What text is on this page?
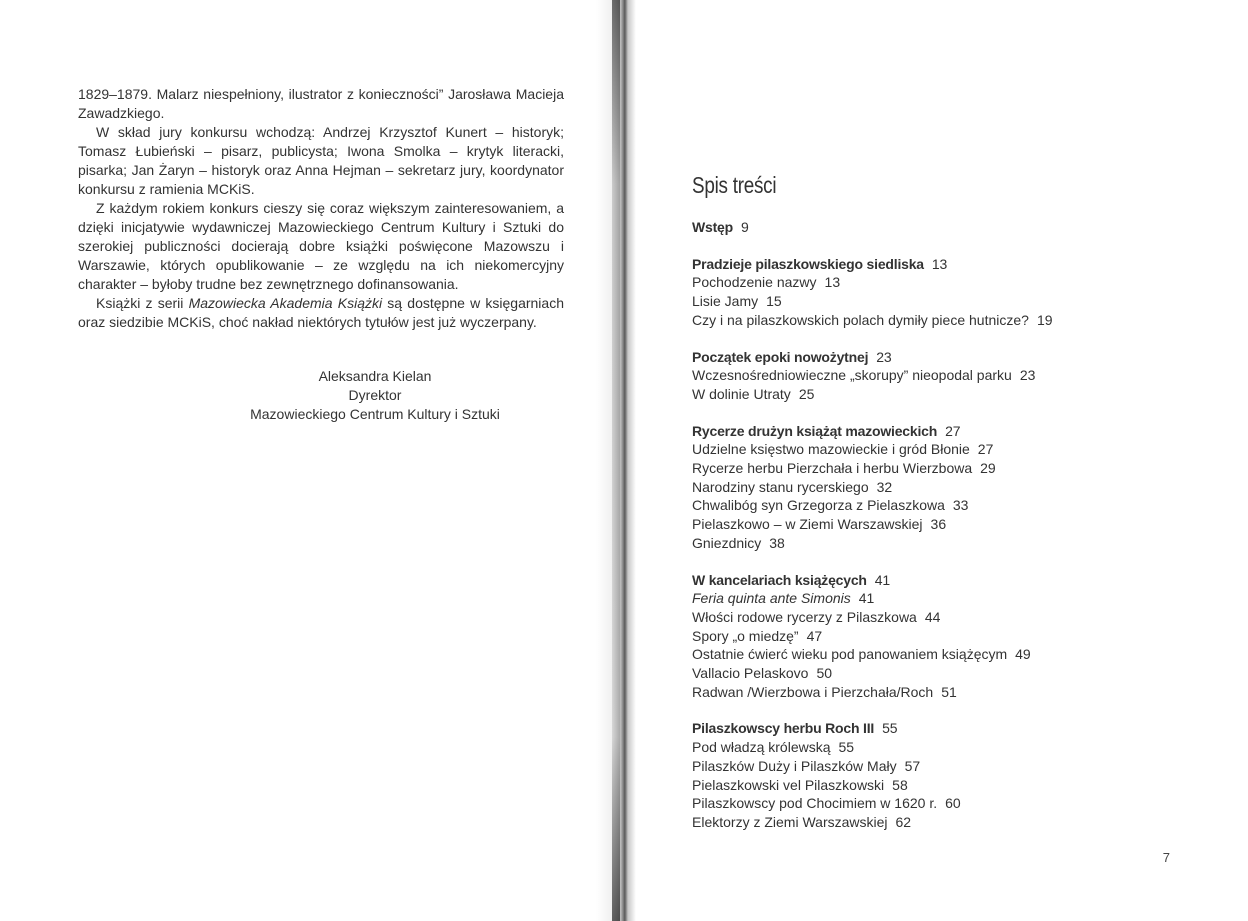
1829–1879. Malarz niespełniony, ilustrator z konieczności” Jarosława Maciejа Zawadzkiego.

W skład jury konkursu wchodzą: Andrzej Krzysztof Kunert – historyk; Tomasz Łubieński – pisarz, publicysta; Iwona Smolka – krytyk literacki, pisarka; Jan Żaryn – historyk oraz Anna Hejman – sekretarz jury, koordynator konkursu z ramienia MCKiS.

Z każdym rokiem konkurs cieszy się coraz większym zainteresowaniem, a dzięki inicjatywie wydawniczej Mazowieckiego Centrum Kultury i Sztuki do szerokiej publiczności docierają dobre książki poświęcone Mazowszu i Warszawie, których opublikowanie – ze względu na ich niekomercyjny charakter – byłoby trudne bez zewnętrznego dofinansowania.

Książki z serii Mazowiecka Akademia Książki są dostępne w księgarniach oraz siedzibie MCKiS, choć nakład niektórych tytułów jest już wyczerpany.

Aleksandra Kielan
Dyrektor
Mazowieckiego Centrum Kultury i Sztuki
Spis treści
Wstęp 9
Pradzieje pilaszkowskiego siedliska 13
Pochodzenie nazwy 13
Lisie Jamy 15
Czy i na pilaszkowskich polach dymiły piece hutnicze? 19
Początek epoki nowożytnej 23
Wczesnośredniowieczne „skorupy” nieopodal parku 23
W dolinie Utraty 25
Rycerze drużyn książąt mazowieckich 27
Udzielne księstwo mazowieckie i gród Błonie 27
Rycerze herbu Pierzchała i herbu Wierzbowa 29
Narodziny stanu rycerskiego 32
Chwalibóg syn Grzegorza z Pielaszkowa 33
Pielaszkowo – w Ziemi Warszawskiej 36
Gniezdnicy 38
W kancelariach książęcych 41
Feria quinta ante Simonis 41
Włości rodowe rycerzy z Pilaszkowa 44
Spory „o miedzę” 47
Ostatnie ćwierć wieku pod panowaniem książęcym 49
Vallacio Pelaskovo 50
Radwan /Wierzbowa i Pierzchała/Roch 51
Pilaszkowscy herbu Roch III 55
Pod władzą królewską 55
Pilaszków Duży i Pilaszków Mały 57
Pielaszkowski vel Pilaszkowski 58
Pilaszkowscy pod Chocimiem w 1620 r. 60
Elektorzy z Ziemi Warszawskiej 62
7
